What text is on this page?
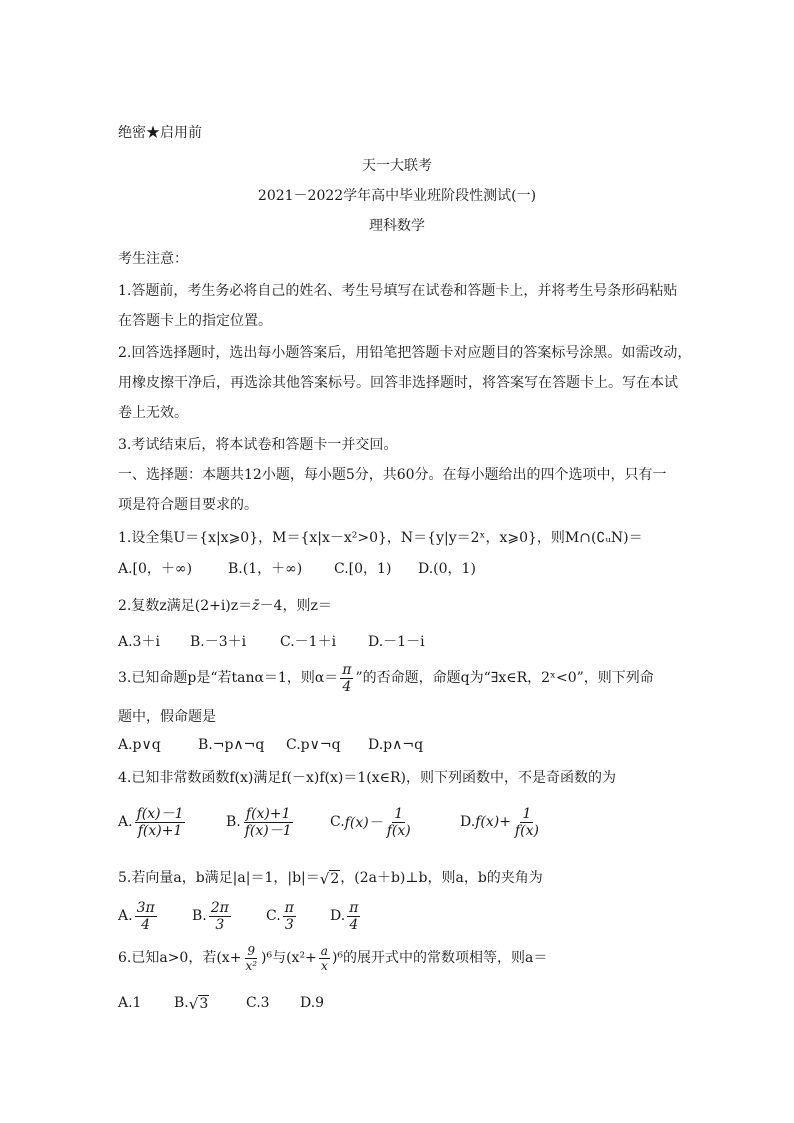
绝密★启用前
天一大联考
2021－2022学年高中毕业班阶段性测试(一)
理科数学
考生注意：
1.答题前，考生务必将自己的姓名、考生号填写在试卷和答题卡上，并将考生号条形码粘贴
在答题卡上的指定位置。
2.回答选择题时，选出每小题答案后，用铅笔把答题卡对应题目的答案标号涂黑。如需改动，
用橡皮擦干净后，再选涂其他答案标号。回答非选择题时，将答案写在答题卡上。写在本试
卷上无效。
3.考试结束后，将本试卷和答题卡一并交回。
一、选择题：本题共12小题，每小题5分，共60分。在每小题给出的四个选项中，只有一
项是符合题目要求的。
1.设全集U＝{x|x⩾0}，M＝{x|x－x²>0}，N＝{y|y＝2ˣ，x⩾0}，则M∩(∁ᵤN)＝
A.[0，＋∞)	B.(1，＋∞)	C.[0，1)	D.(0，1)
2.复数z满足(2+i)z＝z̄－4，则z＝
A.3＋i	B.－3＋i	C.－1＋i	D.－1－i
3.已知命题p是“若tanα＝1，则$\alpha= \frac{\pi}{4}$ ”的否命题，命题q为“∃x∈R，2ˣ<0”，则下列命
题中，假命题是
A.p∨q	B.¬p∧¬q	C.p∨¬q	D.p∧¬q
4.已知非常数函数f(x)满足f(－x)f(x)＝1(x∈R)，则下列函数中，不是奇函数的为
A. $\frac{f(x)-1}{f(x)+1}$	B. $\frac{f(x)+1}{f(x)-1}$	C. $f(x)- \frac{1}{f(x)}$	D. $f(x)+ \frac{1}{f(x)}$
5.若向量a，b满足|a|＝1，|b|＝ √ 2 ，(2a＋b)⊥b，则a，b的夹角为
A. $\frac{3\pi}{4}$	B. $\frac{2\pi}{3}$	C. $\frac{\pi}{3} D$. $\frac{\pi}{4}$
6.已知a>0，若$(x+ \frac{9}{\text{x²}} )^6$与$(x^2+ \frac{a}{x} )^6$的展开式中的常数项相等，则a＝
A.1	B. √ 3	C.3	D.9
